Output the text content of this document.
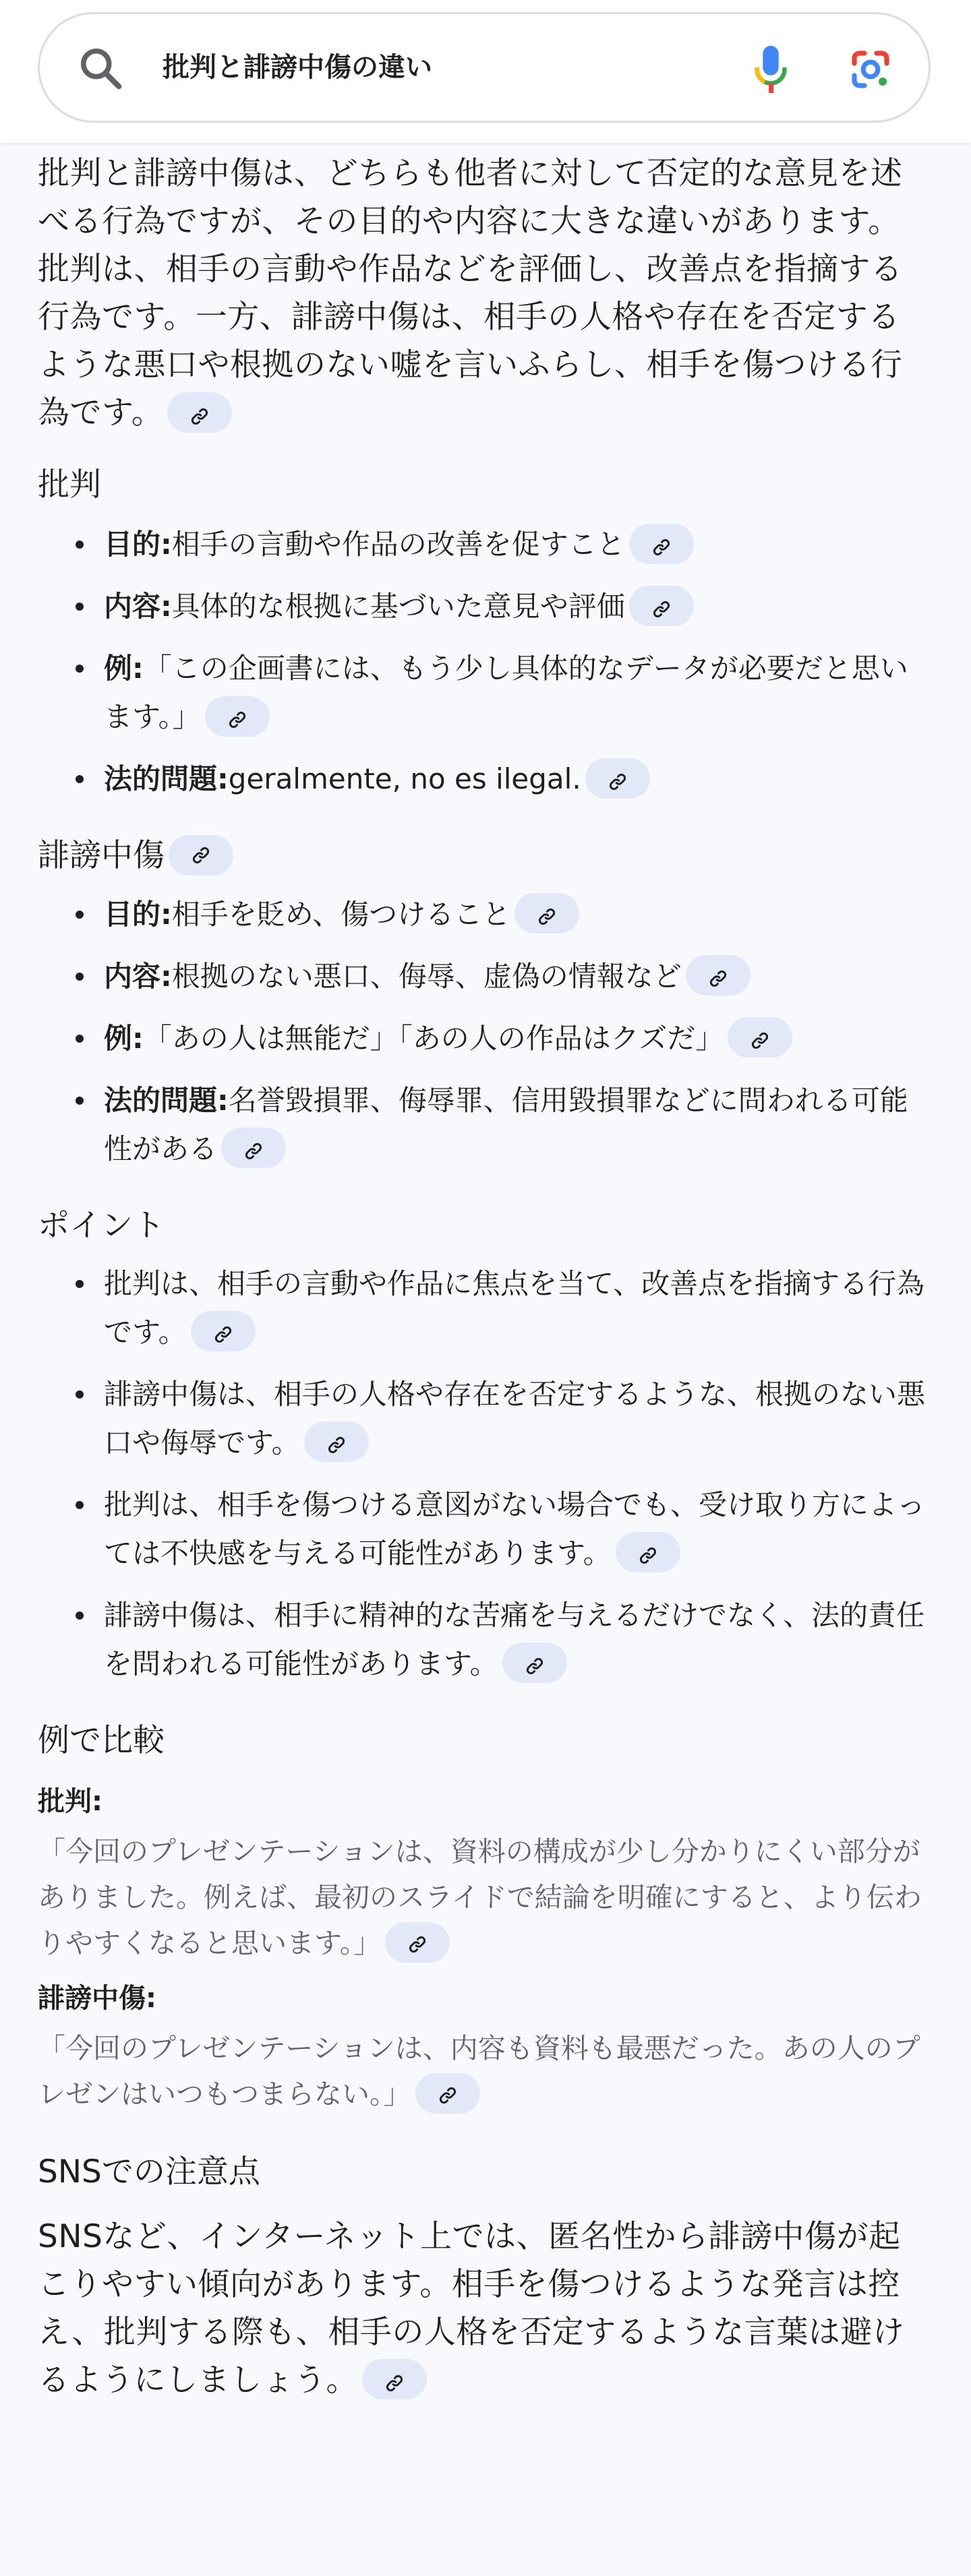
批判と誹謗中傷の違い

批判と誹謗中傷は、どちらも他者に対して否定的な意見を述べる行為ですが、その目的や内容に大きな違いがあります。批判は、相手の言動や作品などを評価し、改善点を指摘する行為です。一方、誹謗中傷は、相手の人格や存在を否定するような悪口や根拠のない嘘を言いふらし、相手を傷つける行為です。

批判
目的:相手の言動や作品の改善を促すこと
内容:具体的な根拠に基づいた意見や評価
例:「この企画書には、もう少し具体的なデータが必要だと思います。」
法的問題:geralmente, no es ilegal.
誹謗中傷
目的:相手を貶め、傷つけること
内容:根拠のない悪口、侮辱、虚偽の情報など
例:「あの人は無能だ」「あの人の作品はクズだ」
法的問題:名誉毀損罪、侮辱罪、信用毀損罪などに問われる可能性がある
ポイント
批判は、相手の言動や作品に焦点を当て、改善点を指摘する行為です。
誹謗中傷は、相手の人格や存在を否定するような、根拠のない悪口や侮辱です。
批判は、相手を傷つける意図がない場合でも、受け取り方によっては不快感を与える可能性があります。
誹謗中傷は、相手に精神的な苦痛を与えるだけでなく、法的責任を問われる可能性があります。
例で比較

批判:

「今回のプレゼンテーションは、資料の構成が少し分かりにくい部分がありました。例えば、最初のスライドで結論を明確にすると、より伝わりやすくなると思います。」

誹謗中傷:

「今回のプレゼンテーションは、内容も資料も最悪だった。あの人のプレゼンはいつもつまらない。」

SNSでの注意点

SNSなど、インターネット上では、匿名性から誹謗中傷が起こりやすい傾向があります。相手を傷つけるような発言は控え、批判する際も、相手の人格を否定するような言葉は避けるようにしましょう。
